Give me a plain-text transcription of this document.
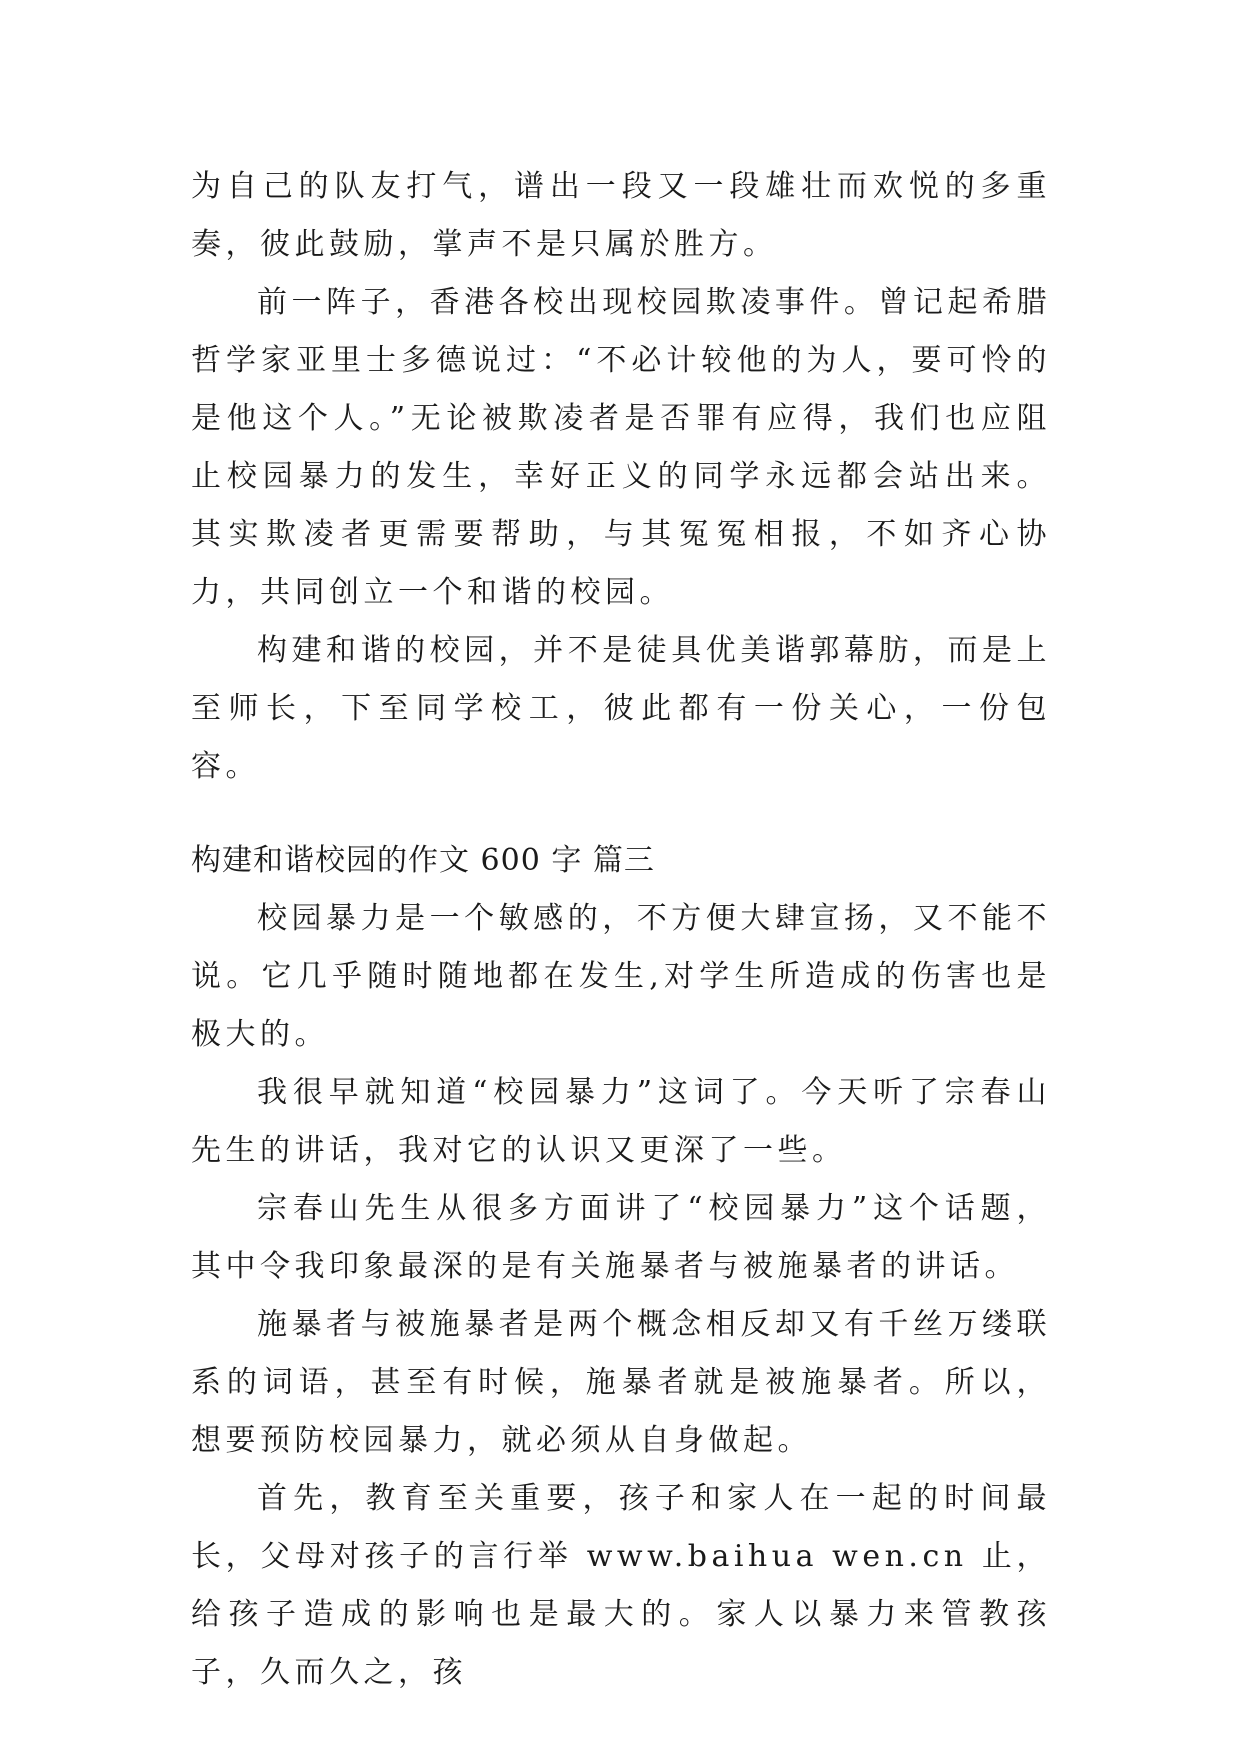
为自己的队友打气，谱出一段又一段雄壮而欢悦的多重奏，彼此鼓励，掌声不是只属於胜方。

前一阵子，香港各校出现校园欺凌事件。曾记起希腊哲学家亚里士多德说过：“不必计较他的为人，要可怜的是他这个人。”无论被欺凌者是否罪有应得，我们也应阻止校园暴力的发生，幸好正义的同学永远都会站出来。其实欺凌者更需要帮助，与其冤冤相报，不如齐心协力，共同创立一个和谐的校园。

构建和谐的校园，并不是徒具优美谐郭幕肪，而是上至师长，下至同学校工，彼此都有一份关心，一份包容。

构建和谐校园的作文 600 字 篇三

校园暴力是一个敏感的，不方便大肆宣扬，又不能不说。它几乎随时随地都在发生,对学生所造成的伤害也是极大的。

我很早就知道“校园暴力”这词了。今天听了宗春山先生的讲话，我对它的认识又更深了一些。

宗春山先生从很多方面讲了“校园暴力”这个话题，其中令我印象最深的是有关施暴者与被施暴者的讲话。

施暴者与被施暴者是两个概念相反却又有千丝万缕联系的词语，甚至有时候，施暴者就是被施暴者。所以，想要预防校园暴力，就必须从自身做起。

首先，教育至关重要，孩子和家人在一起的时间最长，父母对孩子的言行举 www.baihua wen.cn 止，给孩子造成的影响也是最大的。家人以暴力来管教孩子，久而久之，孩
